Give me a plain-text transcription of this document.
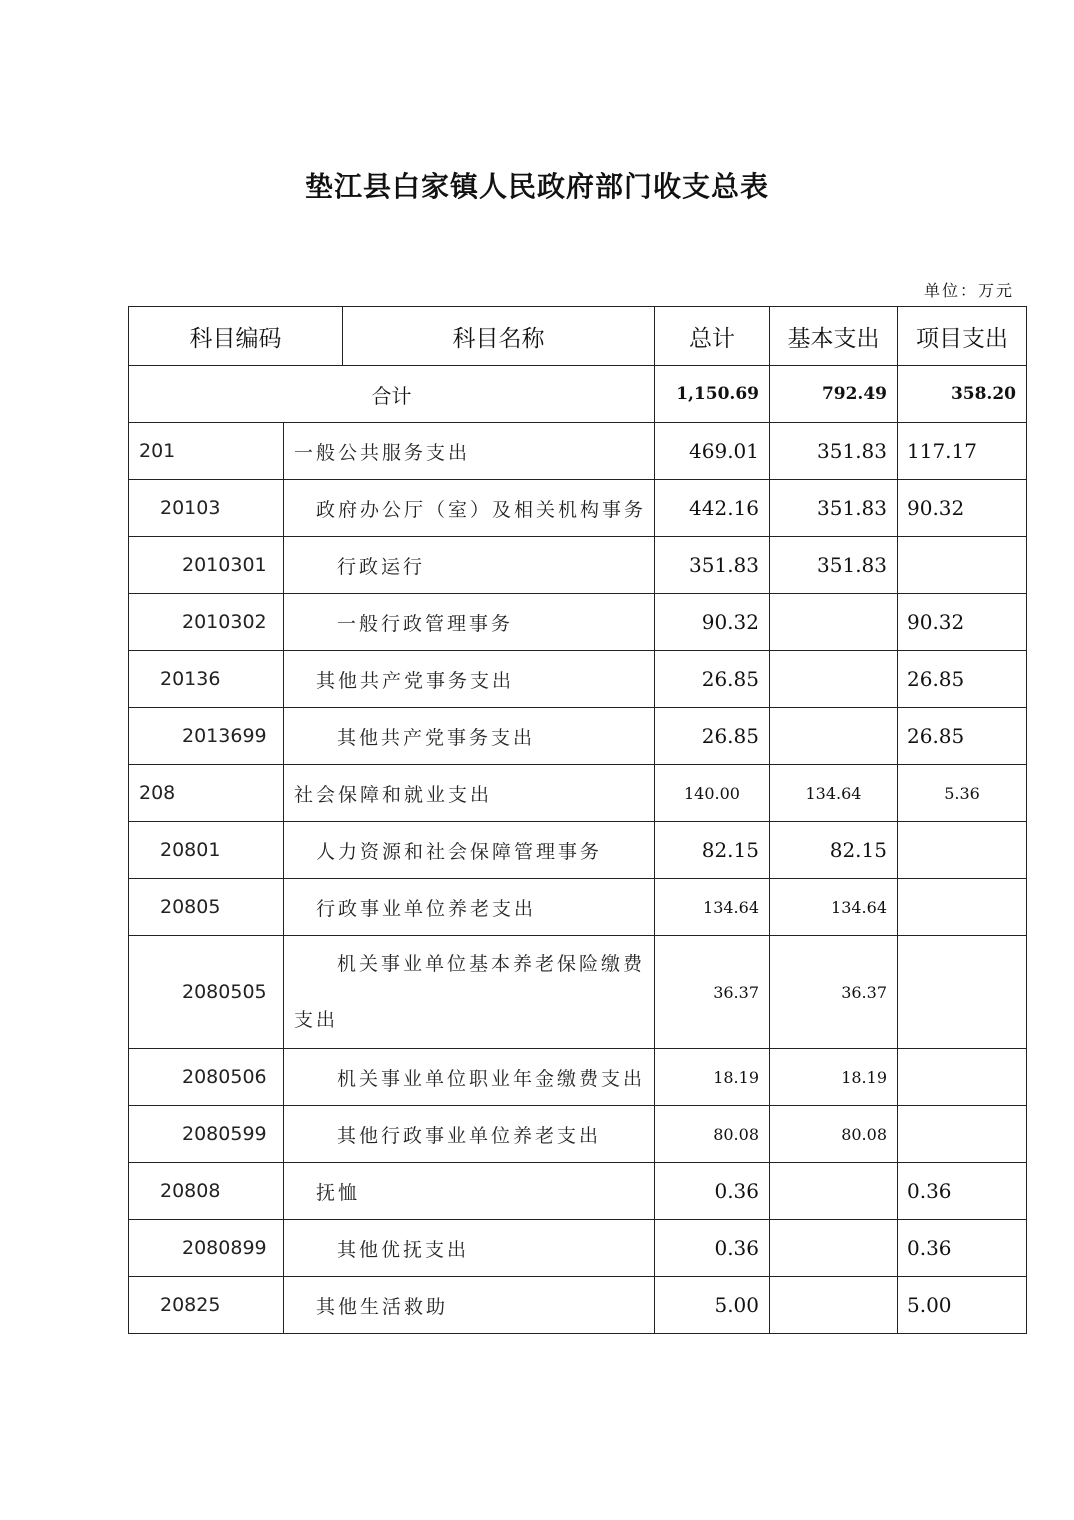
垫江县白家镇人民政府部门收支总表
单位：万元
科目编码		科目名称	总计	基本支出	项目支出
合计			1,150.69	792.49	358.20
201	一般公共服务支出		469.01	351.83	117.17
20103	政府办公厅（室）及相关机构事务		442.16	351.83	90.32
2010301	行政运行		351.83	351.83	
2010302	一般行政管理事务		90.32		90.32
20136	其他共产党事务支出		26.85		26.85
2013699	其他共产党事务支出		26.85		26.85
208	社会保障和就业支出		140.00	134.64	5.36
20801	人力资源和社会保障管理事务		82.15	82.15	
20805	行政事业单位养老支出		134.64	134.64	
2080505	机关事业单位基本养老保险缴费
支出		36.37	36.37	
2080506	机关事业单位职业年金缴费支出		18.19	18.19	
2080599	其他行政事业单位养老支出		80.08	80.08	
20808	抚恤		0.36		0.36
2080899	其他优抚支出		0.36		0.36
20825	其他生活救助		5.00		5.00
